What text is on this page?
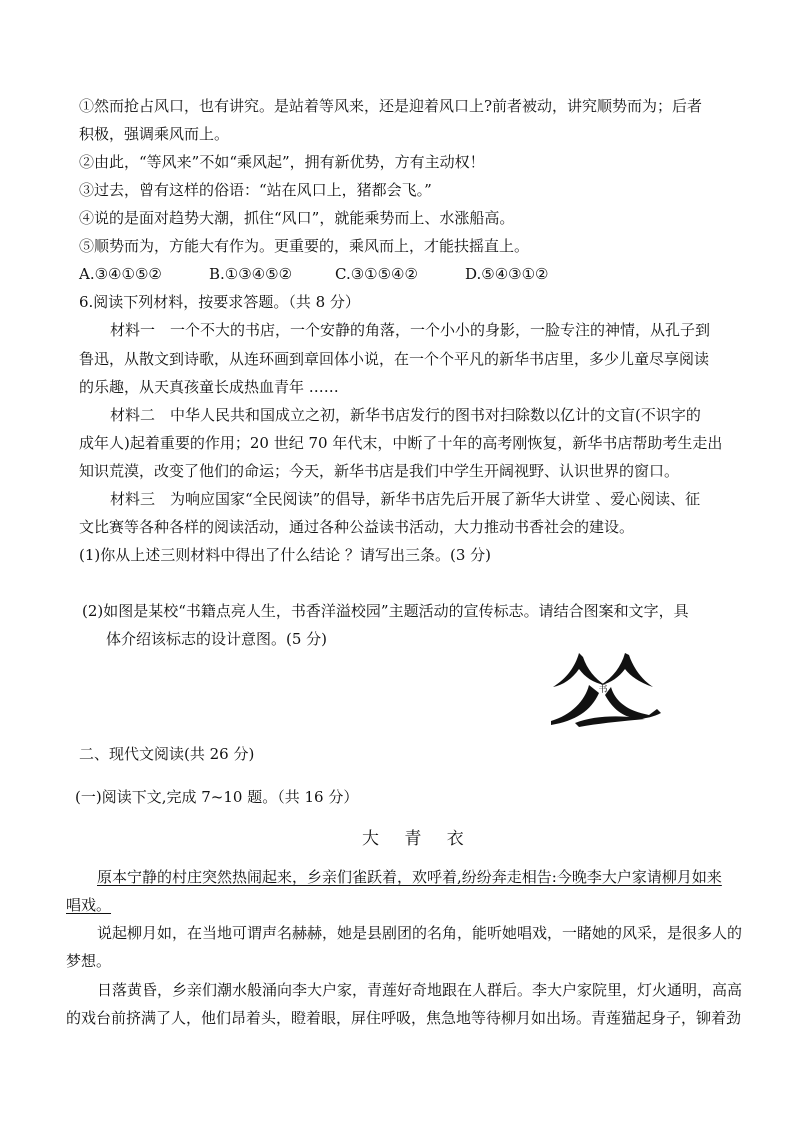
①然而抢占风口，也有讲究。是站着等风来，还是迎着风口上?前者被动，讲究顺势而为；后者
积极，强调乘风而上。
②由此，“等风来”不如“乘风起”，拥有新优势，方有主动权！
③过去，曾有这样的俗语：“站在风口上，猪都会飞。”
④说的是面对趋势大潮，抓住“风口”，就能乘势而上、水涨船高。
⑤顺势而为，方能大有作为。更重要的，乘风而上，才能扶摇直上。
A.③④①⑤②	B.①③④⑤②	C.③①⑤④②	D.⑤④③①②
6.阅读下列材料，按要求答题。（共 8 分）
材料一　一个不大的书店，一个安静的角落，一个小小的身影，一脸专注的神情，从孔子到
鲁迅，从散文到诗歌，从连环画到章回体小说，在一个个平凡的新华书店里，多少儿童尽享阅读
的乐趣，从天真孩童长成热血青年 ……
材料二　中华人民共和国成立之初，新华书店发行的图书对扫除数以亿计的文盲(不识字的
成年人)起着重要的作用；20 世纪 70 年代末，中断了十年的高考刚恢复，新华书店帮助考生走出
知识荒漠，改变了他们的命运；今天，新华书店是我们中学生开阔视野、认识世界的窗口。
材料三　为响应国家“全民阅读”的倡导，新华书店先后开展了新华大讲堂 、爱心阅读、征
文比赛等各种各样的阅读活动，通过各种公益读书活动，大力推动书香社会的建设。
(1)你从上述三则材料中得出了什么结论 ？请写出三条。(3 分)
(2)如图是某校“书籍点亮人生，书香洋溢校园”主题活动的宣传标志。请结合图案和文字，具
体介绍该标志的设计意图。(5 分)
书
二、现代文阅读(共 26 分)
(一)阅读下文,完成 7~10 题。（共 16 分）
大 青 衣
原本宁静的村庄突然热闹起来，乡亲们雀跃着，欢呼着,纷纷奔走相告:今晚李大户家请柳月如来
唱戏。
说起柳月如，在当地可谓声名赫赫，她是县剧团的名角，能听她唱戏，一睹她的风采，是很多人的
梦想。
日落黄昏，乡亲们潮水般涌向李大户家，青莲好奇地跟在人群后。李大户家院里，灯火通明，高高
的戏台前挤满了人，他们昂着头，瞪着眼，屏住呼吸，焦急地等待柳月如出场。青莲猫起身子，铆着劲
